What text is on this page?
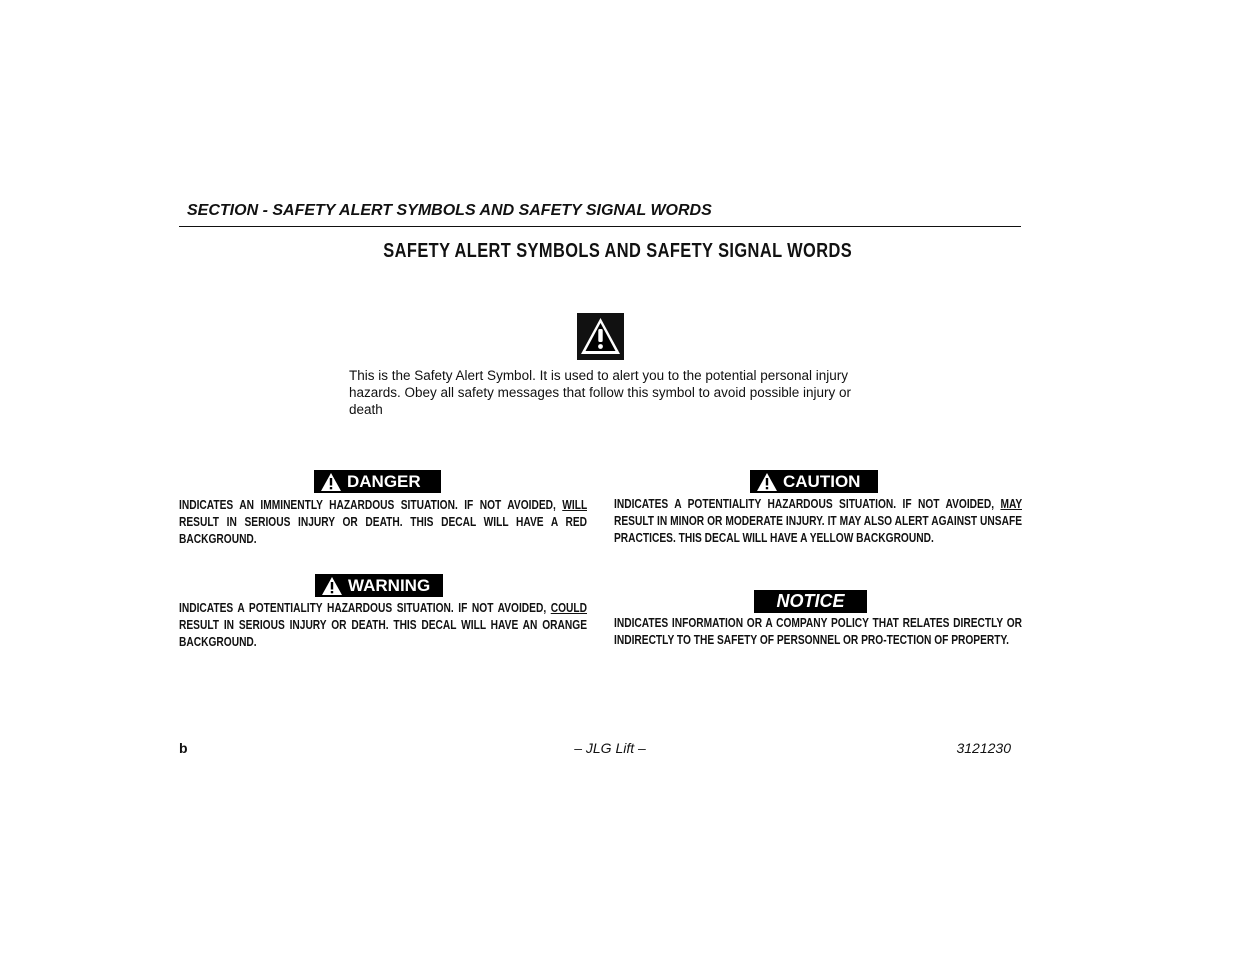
SECTION - SAFETY ALERT SYMBOLS AND SAFETY SIGNAL WORDS
SAFETY ALERT SYMBOLS AND SAFETY SIGNAL WORDS
This is the Safety Alert Symbol. It is used to alert you to the potential personal injury hazards. Obey all safety messages that follow this symbol to avoid possible injury or death
DANGER
INDICATES AN IMMINENTLY HAZARDOUS SITUATION. IF NOT AVOIDED, WILL RESULT IN SERIOUS INJURY OR DEATH. THIS DECAL WILL HAVE A RED BACKGROUND.
CAUTION
INDICATES A POTENTIALITY HAZARDOUS SITUATION. IF NOT AVOIDED, MAY RESULT IN MINOR OR MODERATE INJURY. IT MAY ALSO ALERT AGAINST UNSAFE PRACTICES. THIS DECAL WILL HAVE A YELLOW BACKGROUND.
WARNING
INDICATES A POTENTIALITY HAZARDOUS SITUATION. IF NOT AVOIDED, COULD RESULT IN SERIOUS INJURY OR DEATH. THIS DECAL WILL HAVE AN ORANGE BACKGROUND.
NOTICE
INDICATES INFORMATION OR A COMPANY POLICY THAT RELATES DIRECTLY OR INDIRECTLY TO THE SAFETY OF PERSONNEL OR PRO-TECTION OF PROPERTY.
b	– JLG Lift –	3121230
